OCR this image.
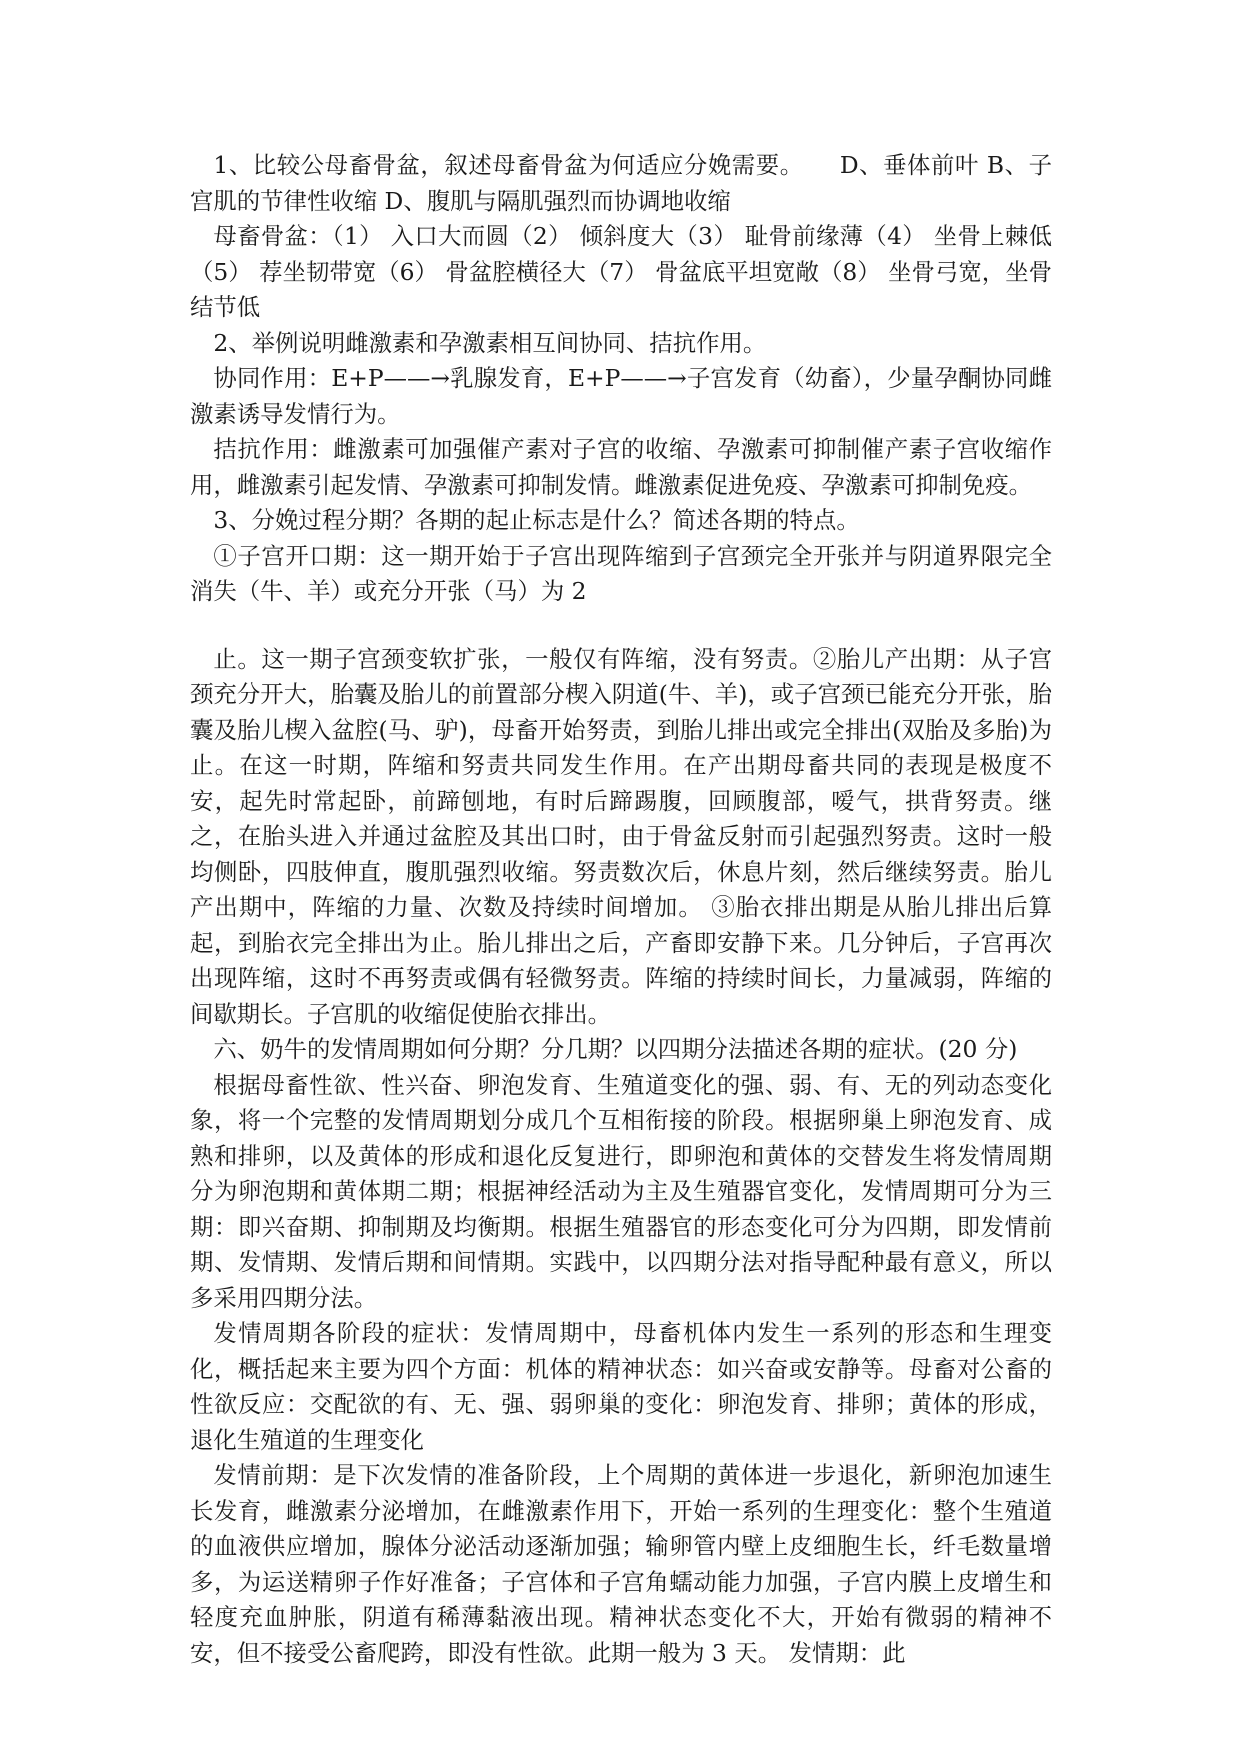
1、比较公母畜骨盆，叙述母畜骨盆为何适应分娩需要。　　D、垂体前叶 B、子宫肌的节律性收缩 D、腹肌与隔肌强烈而协调地收缩

母畜骨盆：（1） 入口大而圆（2） 倾斜度大（3） 耻骨前缘薄（4） 坐骨上棘低（5） 荐坐韧带宽（6） 骨盆腔横径大（7） 骨盆底平坦宽敞（8） 坐骨弓宽，坐骨结节低

2、举例说明雌激素和孕激素相互间协同、拮抗作用。

协同作用：E+P——→乳腺发育，E+P——→子宫发育（幼畜），少量孕酮协同雌激素诱导发情行为。

拮抗作用：雌激素可加强催产素对子宫的收缩、孕激素可抑制催产素子宫收缩作用，雌激素引起发情、孕激素可抑制发情。雌激素促进免疫、孕激素可抑制免疫。

3、分娩过程分期？各期的起止标志是什么？简述各期的特点。

①子宫开口期：这一期开始于子宫出现阵缩到子宫颈完全开张并与阴道界限完全消失（牛、羊）或充分开张（马）为 2

止。这一期子宫颈变软扩张，一般仅有阵缩，没有努责。②胎儿产出期：从子宫颈充分开大，胎囊及胎儿的前置部分楔入阴道(牛、羊)，或子宫颈已能充分开张，胎囊及胎儿楔入盆腔(马、驴)，母畜开始努责，到胎儿排出或完全排出(双胎及多胎)为止。在这一时期，阵缩和努责共同发生作用。在产出期母畜共同的表现是极度不安，起先时常起卧，前蹄刨地，有时后蹄踢腹，回顾腹部，嗳气，拱背努责。继之，在胎头进入并通过盆腔及其出口时，由于骨盆反射而引起强烈努责。这时一般均侧卧，四肢伸直，腹肌强烈收缩。努责数次后，休息片刻，然后继续努责。胎儿产出期中，阵缩的力量、次数及持续时间增加。 ③胎衣排出期是从胎儿排出后算起，到胎衣完全排出为止。胎儿排出之后，产畜即安静下来。几分钟后，子宫再次出现阵缩，这时不再努责或偶有轻微努责。阵缩的持续时间长，力量减弱，阵缩的间歇期长。子宫肌的收缩促使胎衣排出。

六、奶牛的发情周期如何分期？分几期？以四期分法描述各期的症状。(20 分)

根据母畜性欲、性兴奋、卵泡发育、生殖道变化的强、弱、有、无的列动态变化象，将一个完整的发情周期划分成几个互相衔接的阶段。根据卵巢上卵泡发育、成熟和排卵，以及黄体的形成和退化反复进行，即卵泡和黄体的交替发生将发情周期分为卵泡期和黄体期二期；根据神经活动为主及生殖器官变化，发情周期可分为三期：即兴奋期、抑制期及均衡期。根据生殖器官的形态变化可分为四期，即发情前期、发情期、发情后期和间情期。实践中，以四期分法对指导配种最有意义，所以多采用四期分法。

发情周期各阶段的症状：发情周期中，母畜机体内发生一系列的形态和生理变化，概括起来主要为四个方面：机体的精神状态：如兴奋或安静等。母畜对公畜的性欲反应：交配欲的有、无、强、弱卵巢的变化：卵泡发育、排卵；黄体的形成，退化生殖道的生理变化

发情前期：是下次发情的准备阶段，上个周期的黄体进一步退化，新卵泡加速生长发育，雌激素分泌增加，在雌激素作用下，开始一系列的生理变化：整个生殖道的血液供应增加，腺体分泌活动逐渐加强；输卵管内壁上皮细胞生长，纤毛数量增多，为运送精卵子作好准备；子宫体和子宫角蠕动能力加强，子宫内膜上皮增生和轻度充血肿胀，阴道有稀薄黏液出现。精神状态变化不大，开始有微弱的精神不安，但不接受公畜爬跨，即没有性欲。此期一般为 3 天。 发情期：此
